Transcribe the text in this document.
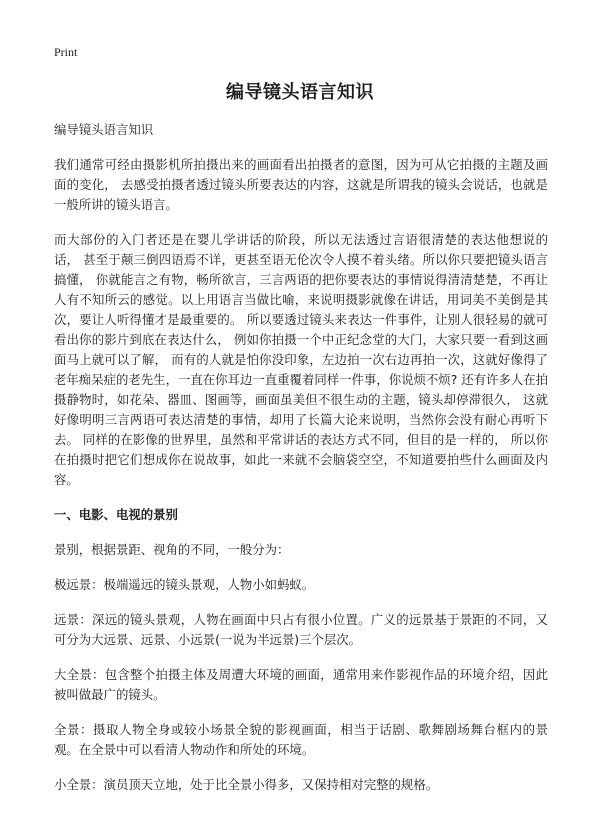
Print
编导镜头语言知识

编导镜头语言知识

我们通常可经由摄影机所拍摄出来的画面看出拍摄者的意图，因为可从它拍摄的主题及画面的变化， 去感受拍摄者透过镜头所要表达的内容，这就是所谓我的镜头会说话，也就是一般所讲的镜头语言。

而大部份的入门者还是在婴儿学讲话的阶段，所以无法透过言语很清楚的表达他想说的话， 甚至于颠三倒四语焉不详，更甚至语无伦次令人摸不着头绪。所以你只要把镜头语言搞懂， 你就能言之有物，畅所欲言，三言两语的把你要表达的事情说得清清楚楚，不再让人有不知所云的感觉。以上用语言当做比喻，来说明摄影就像在讲话，用词美不美倒是其次，要让人听得懂才是最重要的。 所以要透过镜头来表达一件事件，让别人很轻易的就可看出你的影片到底在表达什么， 例如你拍摄一个中正纪念堂的大门，大家只要一看到这画面马上就可以了解， 而有的人就是怕你没印象，左边拍一次右边再拍一次，这就好像得了老年痴呆症的老先生，一直在你耳边一直重覆着同样一件事，你说烦不烦? 还有许多人在拍摄静物时，如花朵、器皿、图画等，画面虽美但不很生动的主题，镜头却停滞很久， 这就好像明明三言两语可表达清楚的事情，却用了长篇大论来说明，当然你会没有耐心再听下去。 同样的在影像的世界里，虽然和平常讲话的表达方式不同，但目的是一样的， 所以你在拍摄时把它们想成你在说故事，如此一来就不会脑袋空空，不知道要拍些什么画面及内容。

一、电影、电视的景别

景别，根据景距、视角的不同，一般分为：

极远景：极端遥远的镜头景观，人物小如蚂蚁。

远景：深远的镜头景观，人物在画面中只占有很小位置。广义的远景基于景距的不同，又可分为大远景、远景、小远景(一说为半远景)三个层次。

大全景：包含整个拍摄主体及周遭大环境的画面，通常用来作影视作品的环境介绍，因此被叫做最广的镜头。

全景：摄取人物全身或较小场景全貌的影视画面，相当于话剧、歌舞剧场舞台框内的景观。在全景中可以看清人物动作和所处的环境。

小全景：演员顶天立地，处于比全景小得多，又保持相对完整的规格。
